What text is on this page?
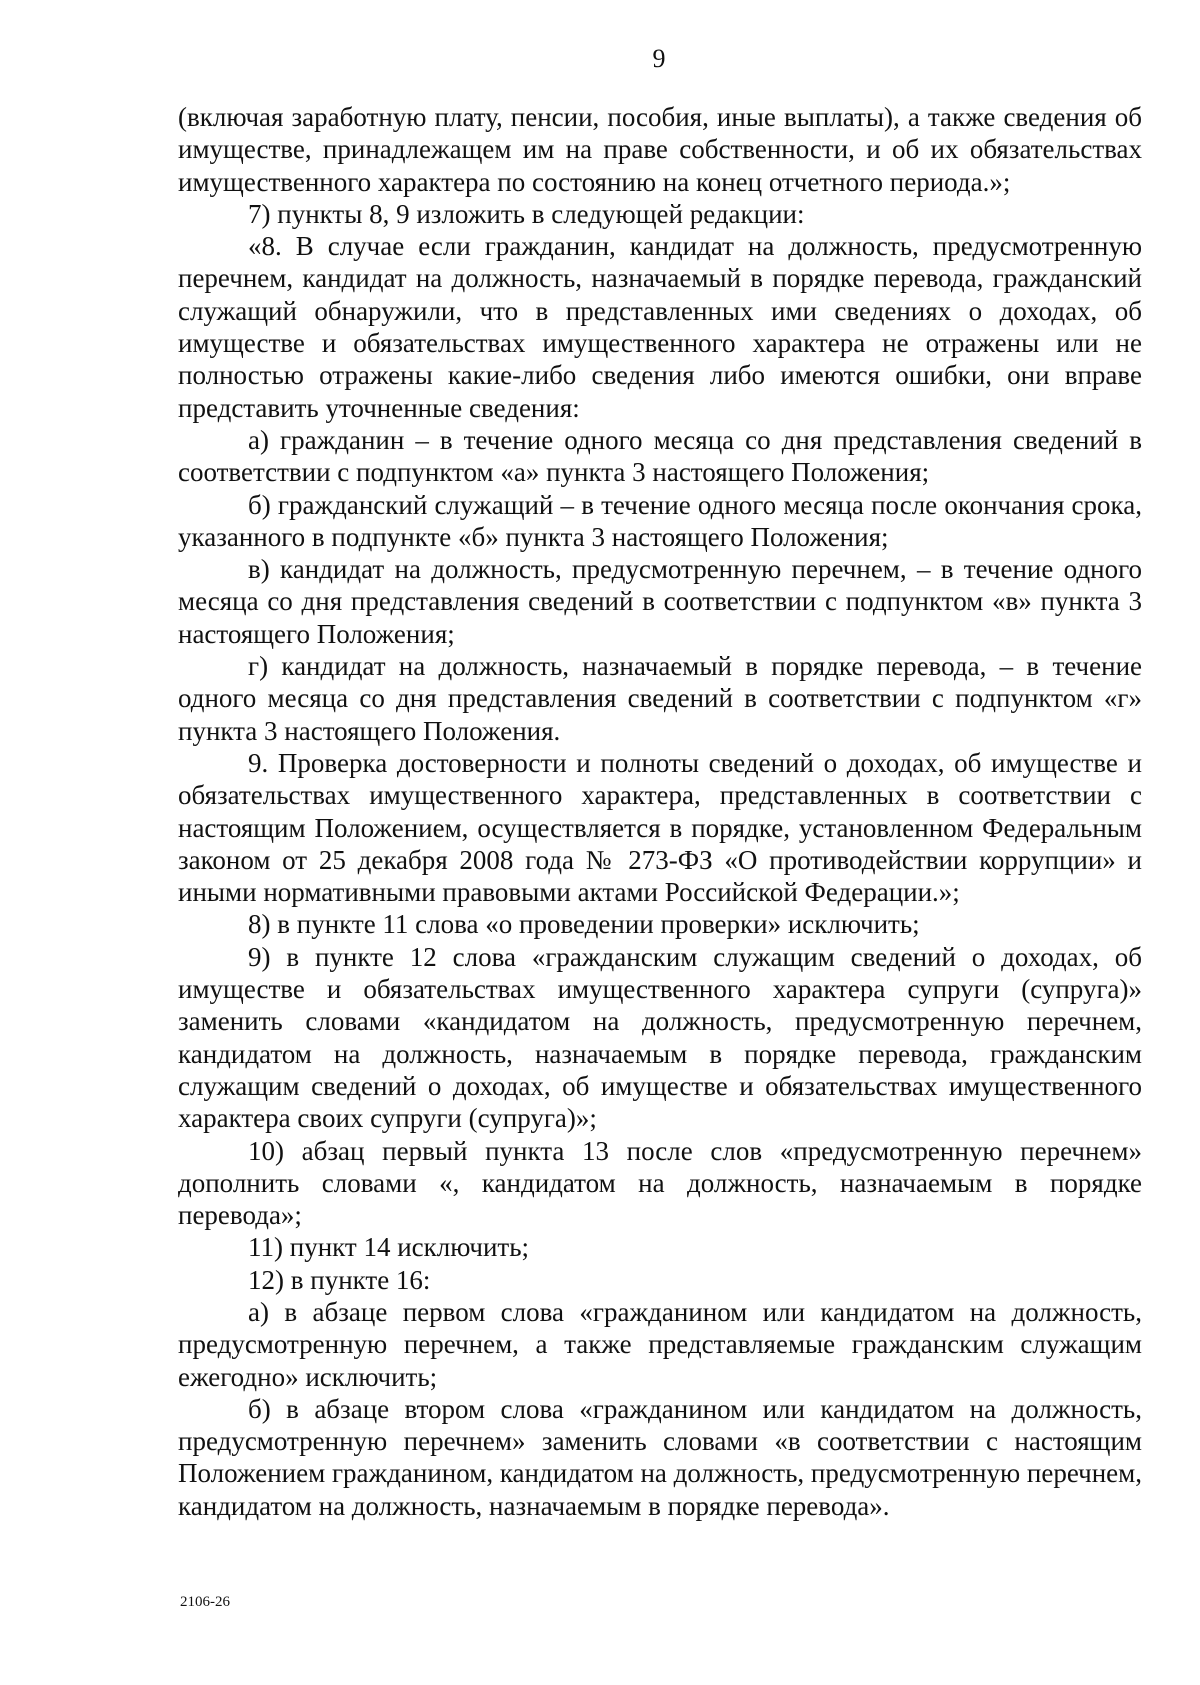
9

(включая заработную плату, пенсии, пособия, иные выплаты), а также сведения об имуществе, принадлежащем им на праве собственности, и об их обязательствах имущественного характера по состоянию на конец отчетного периода.»;

7) пункты 8, 9 изложить в следующей редакции:

«8. В случае если гражданин, кандидат на должность, предусмотренную перечнем, кандидат на должность, назначаемый в порядке перевода, гражданский служащий обнаружили, что в представленных ими сведениях о доходах, об имуществе и обязательствах имущественного характера не отражены или не полностью отражены какие-либо сведения либо имеются ошибки, они вправе представить уточненные сведения:

а) гражданин – в течение одного месяца со дня представления сведений в соответствии с подпунктом «а» пункта 3 настоящего Положения;

б) гражданский служащий – в течение одного месяца после окончания срока, указанного в подпункте «б» пункта 3 настоящего Положения;

в) кандидат на должность, предусмотренную перечнем, – в течение одного месяца со дня представления сведений в соответствии с подпунктом «в» пункта 3 настоящего Положения;

г) кандидат на должность, назначаемый в порядке перевода, – в течение одного месяца со дня представления сведений в соответствии с подпунктом «г» пункта 3 настоящего Положения.

9. Проверка достоверности и полноты сведений о доходах, об имуществе и обязательствах имущественного характера, представленных в соответствии с настоящим Положением, осуществляется в порядке, установленном Федеральным законом от 25 декабря 2008 года № 273-ФЗ «О противодействии коррупции» и иными нормативными правовыми актами Российской Федерации.»;

8) в пункте 11 слова «о проведении проверки» исключить;

9) в пункте 12 слова «гражданским служащим сведений о доходах, об имуществе и обязательствах имущественного характера супруги (супруга)» заменить словами «кандидатом на должность, предусмотренную перечнем, кандидатом на должность, назначаемым в порядке перевода, гражданским служащим сведений о доходах, об имуществе и обязательствах имущественного характера своих супруги (супруга)»;

10) абзац первый пункта 13 после слов «предусмотренную перечнем» дополнить словами «, кандидатом на должность, назначаемым в порядке перевода»;

11) пункт 14 исключить;

12) в пункте 16:

а) в абзаце первом слова «гражданином или кандидатом на должность, предусмотренную перечнем, а также представляемые гражданским служащим ежегодно» исключить;

б) в абзаце втором слова «гражданином или кандидатом на должность, предусмотренную перечнем» заменить словами «в соответствии с настоящим Положением гражданином, кандидатом на должность, предусмотренную перечнем, кандидатом на должность, назначаемым в порядке перевода».

2106-26
